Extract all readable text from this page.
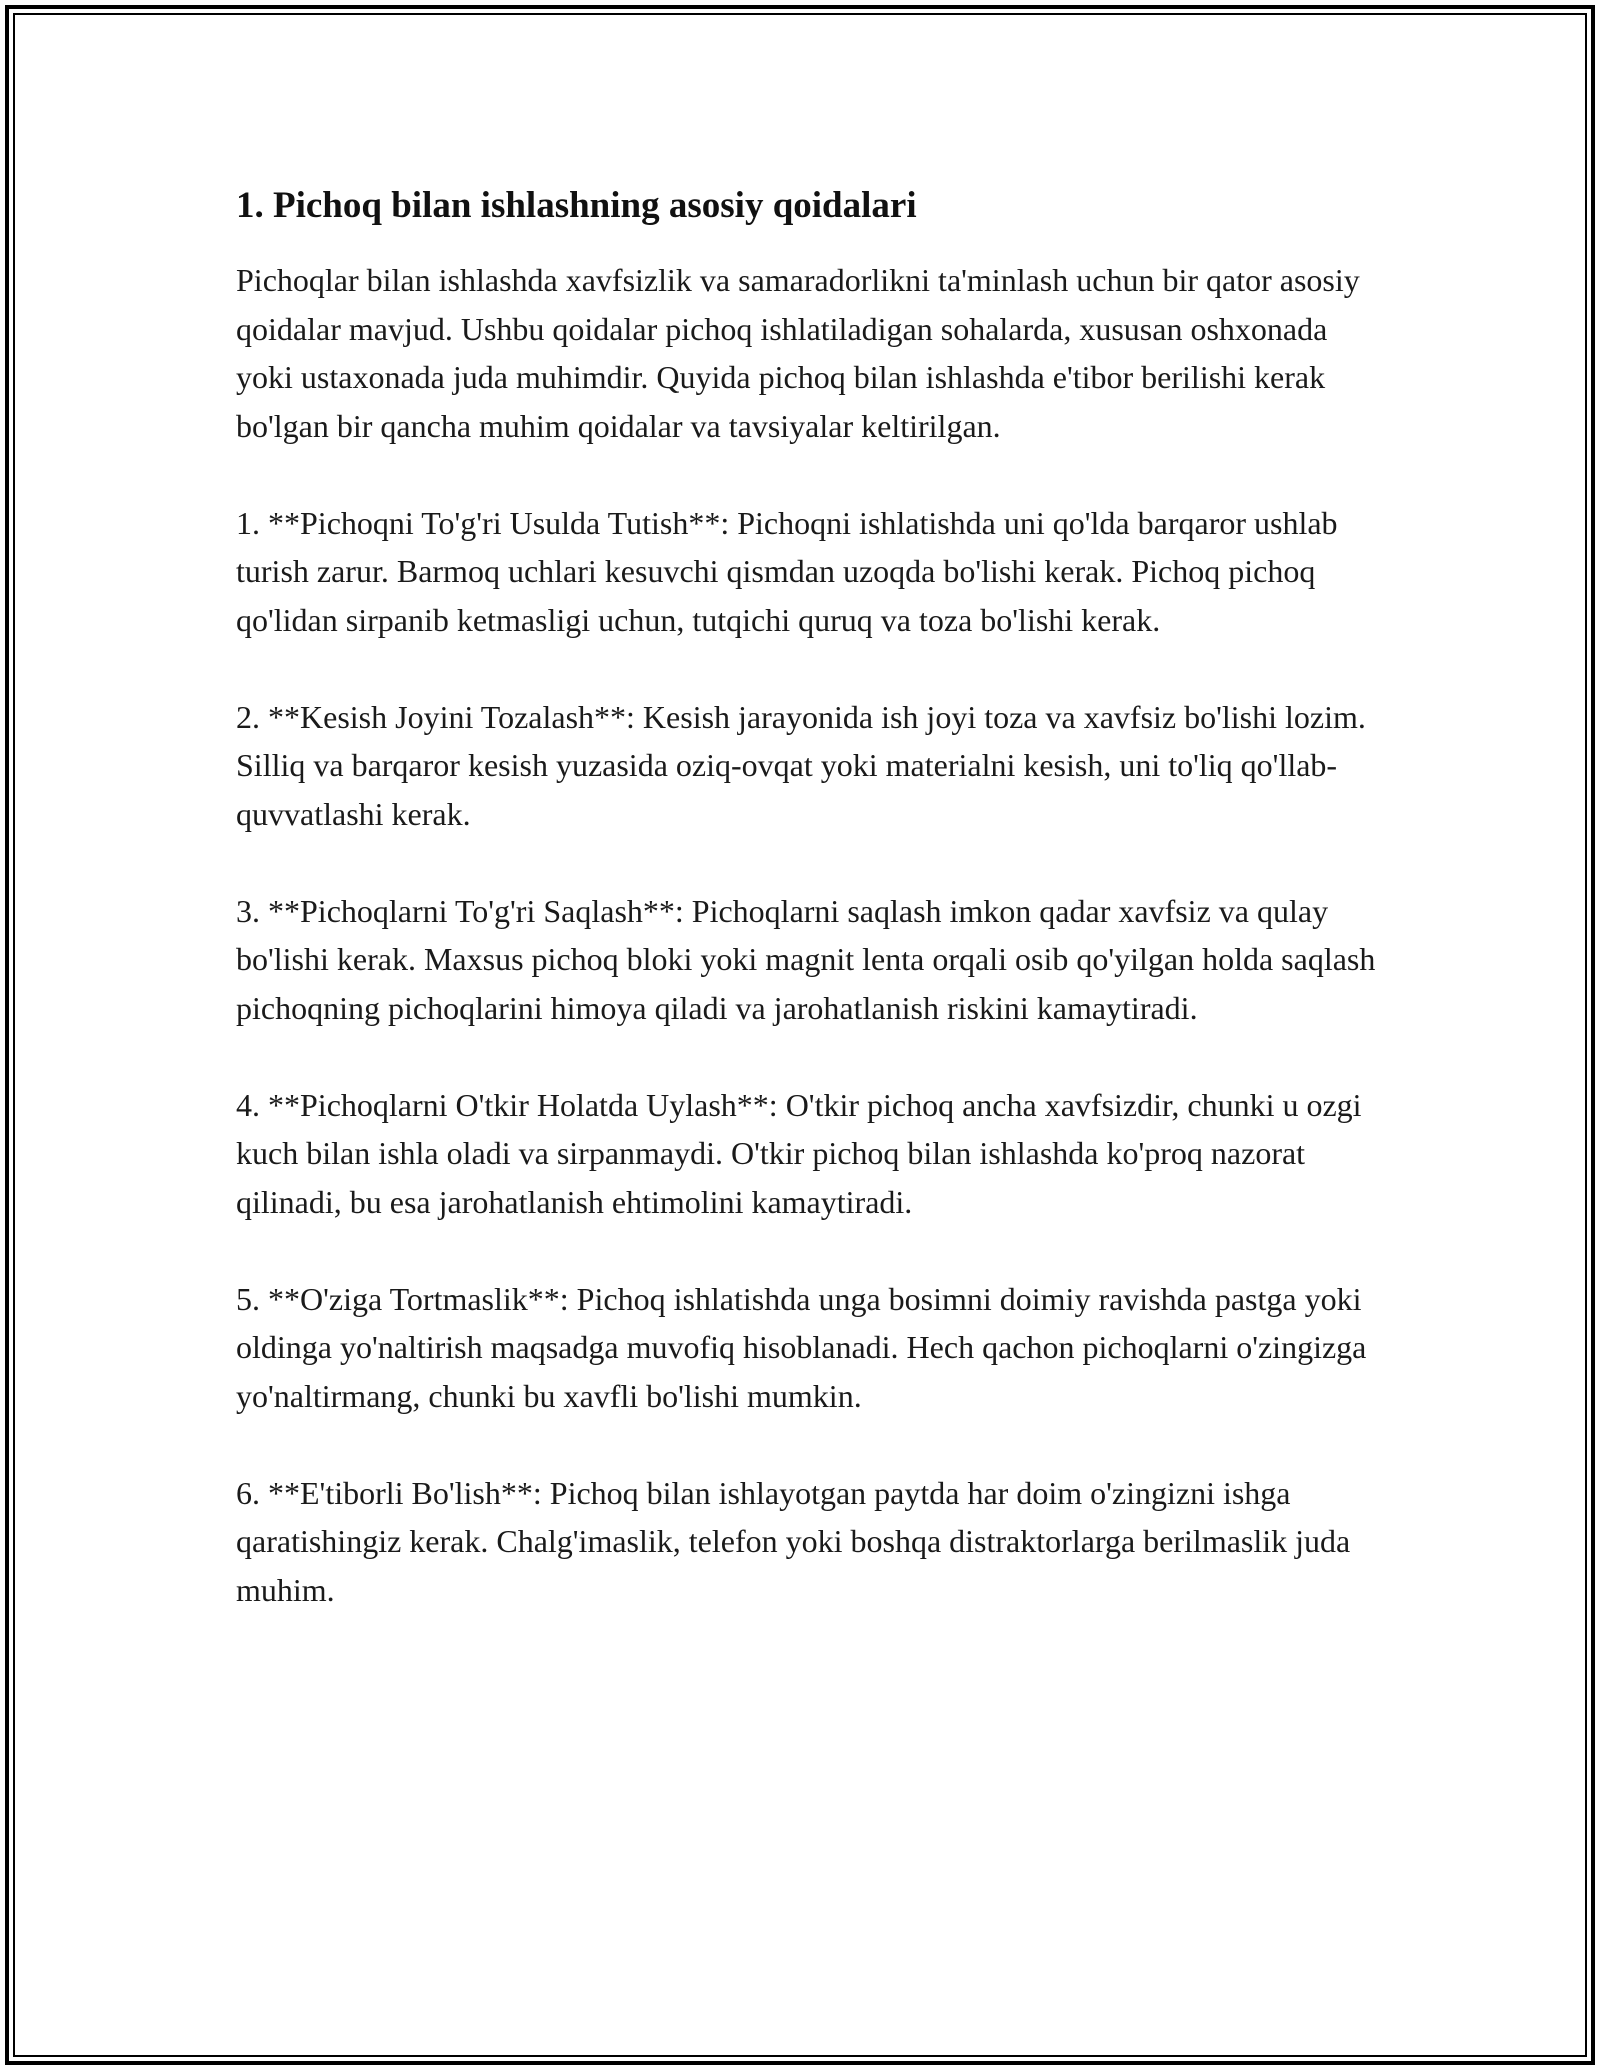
1. Pichoq bilan ishlashning asosiy qoidalari

Pichoqlar bilan ishlashda xavfsizlik va samaradorlikni ta'minlash uchun bir qator asosiy qoidalar mavjud. Ushbu qoidalar pichoq ishlatiladigan sohalarda, xususan oshxonada yoki ustaxonada juda muhimdir. Quyida pichoq bilan ishlashda e'tibor berilishi kerak bo'lgan bir qancha muhim qoidalar va tavsiyalar keltirilgan.

1. **Pichoqni To'g'ri Usulda Tutish**: Pichoqni ishlatishda uni qo'lda barqaror ushlab turish zarur. Barmoq uchlari kesuvchi qismdan uzoqda bo'lishi kerak. Pichoq pichoq qo'lidan sirpanib ketmasligi uchun, tutqichi quruq va toza bo'lishi kerak.

2. **Kesish Joyini Tozalash**: Kesish jarayonida ish joyi toza va xavfsiz bo'lishi lozim. Silliq va barqaror kesish yuzasida oziq-ovqat yoki materialni kesish, uni to'liq qo'llab-quvvatlashi kerak.

3. **Pichoqlarni To'g'ri Saqlash**: Pichoqlarni saqlash imkon qadar xavfsiz va qulay bo'lishi kerak. Maxsus pichoq bloki yoki magnit lenta orqali osib qo'yilgan holda saqlash pichoqning pichoqlarini himoya qiladi va jarohatlanish riskini kamaytiradi.

4. **Pichoqlarni O'tkir Holatda Uylash**: O'tkir pichoq ancha xavfsizdir, chunki u ozgi kuch bilan ishla oladi va sirpanmaydi. O'tkir pichoq bilan ishlashda ko'proq nazorat qilinadi, bu esa jarohatlanish ehtimolini kamaytiradi.

5. **O'ziga Tortmaslik**: Pichoq ishlatishda unga bosimni doimiy ravishda pastga yoki oldinga yo'naltirish maqsadga muvofiq hisoblanadi. Hech qachon pichoqlarni o'zingizga yo'naltirmang, chunki bu xavfli bo'lishi mumkin.

6. **E'tiborli Bo'lish**: Pichoq bilan ishlayotgan paytda har doim o'zingizni ishga qaratishingiz kerak. Chalg'imaslik, telefon yoki boshqa distraktorlarga berilmaslik juda muhim.
